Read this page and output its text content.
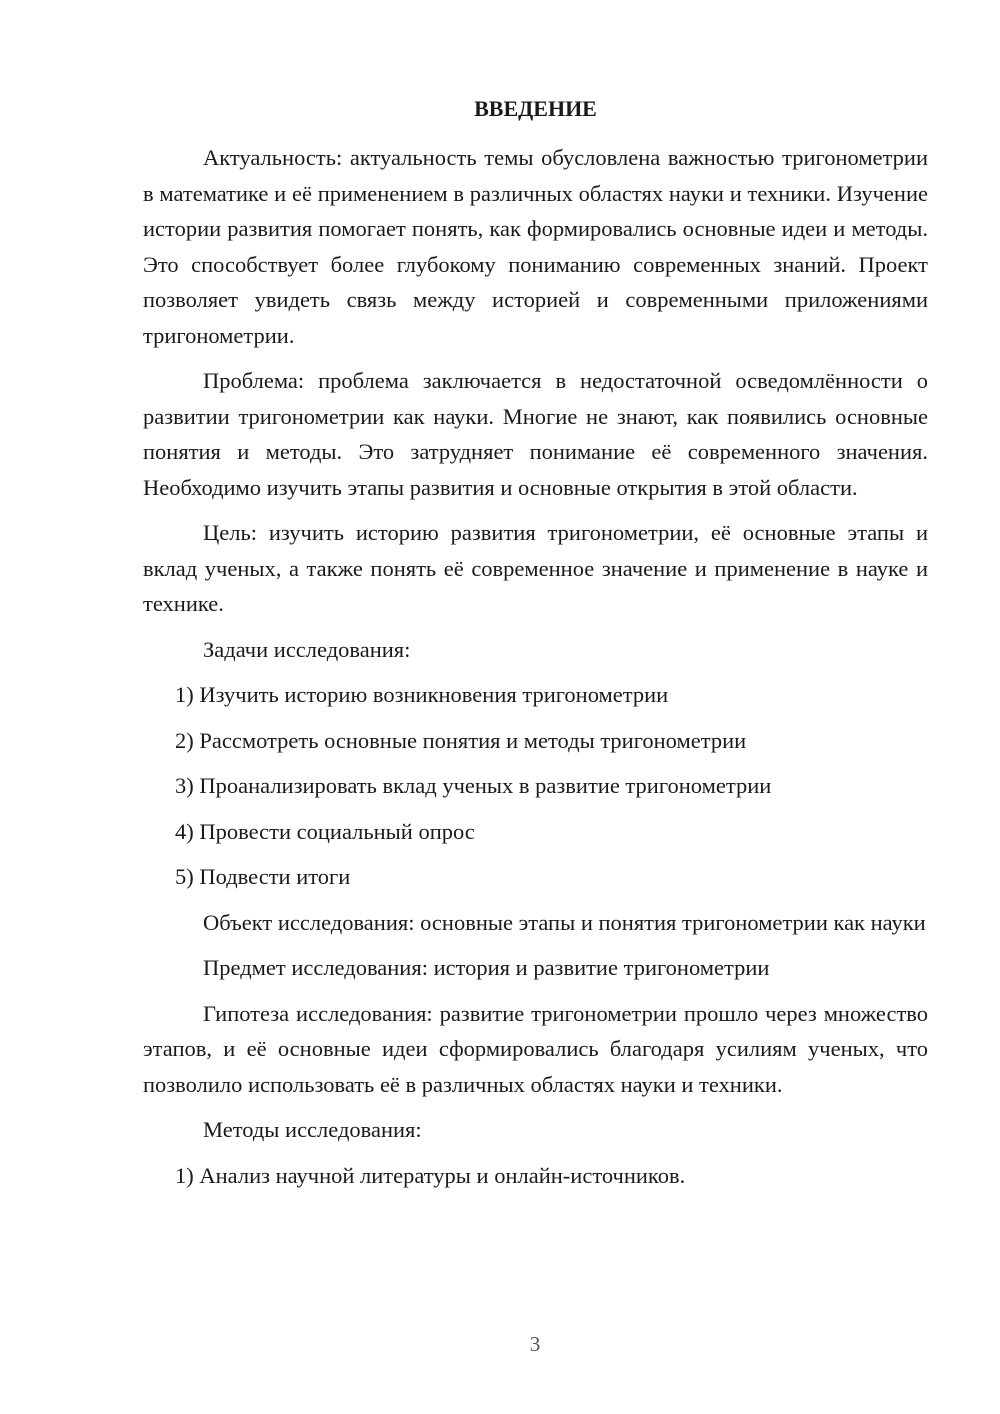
ВВЕДЕНИЕ

Актуальность: актуальность темы обусловлена важностью тригонометрии в математике и её применением в различных областях науки и техники. Изучение истории развития помогает понять, как формировались основные идеи и методы. Это способствует более глубокому пониманию современных знаний. Проект позволяет увидеть связь между историей и современными приложениями тригонометрии.

Проблема: проблема заключается в недостаточной осведомлённости о развитии тригонометрии как науки. Многие не знают, как появились основные понятия и методы. Это затрудняет понимание её современного значения. Необходимо изучить этапы развития и основные открытия в этой области.

Цель: изучить историю развития тригонометрии, её основные этапы и вклад ученых, а также понять её современное значение и применение в науке и технике.

Задачи исследования:
1) Изучить историю возникновения тригонометрии
2) Рассмотреть основные понятия и методы тригонометрии
3) Проанализировать вклад ученых в развитие тригонометрии
4) Провести социальный опрос
5) Подвести итоги

Объект исследования: основные этапы и понятия тригонометрии как науки

Предмет исследования: история и развитие тригонометрии

Гипотеза исследования: развитие тригонометрии прошло через множество этапов, и её основные идеи сформировались благодаря усилиям ученых, что позволило использовать её в различных областях науки и техники.

Методы исследования:
1) Анализ научной литературы и онлайн-источников.
3
